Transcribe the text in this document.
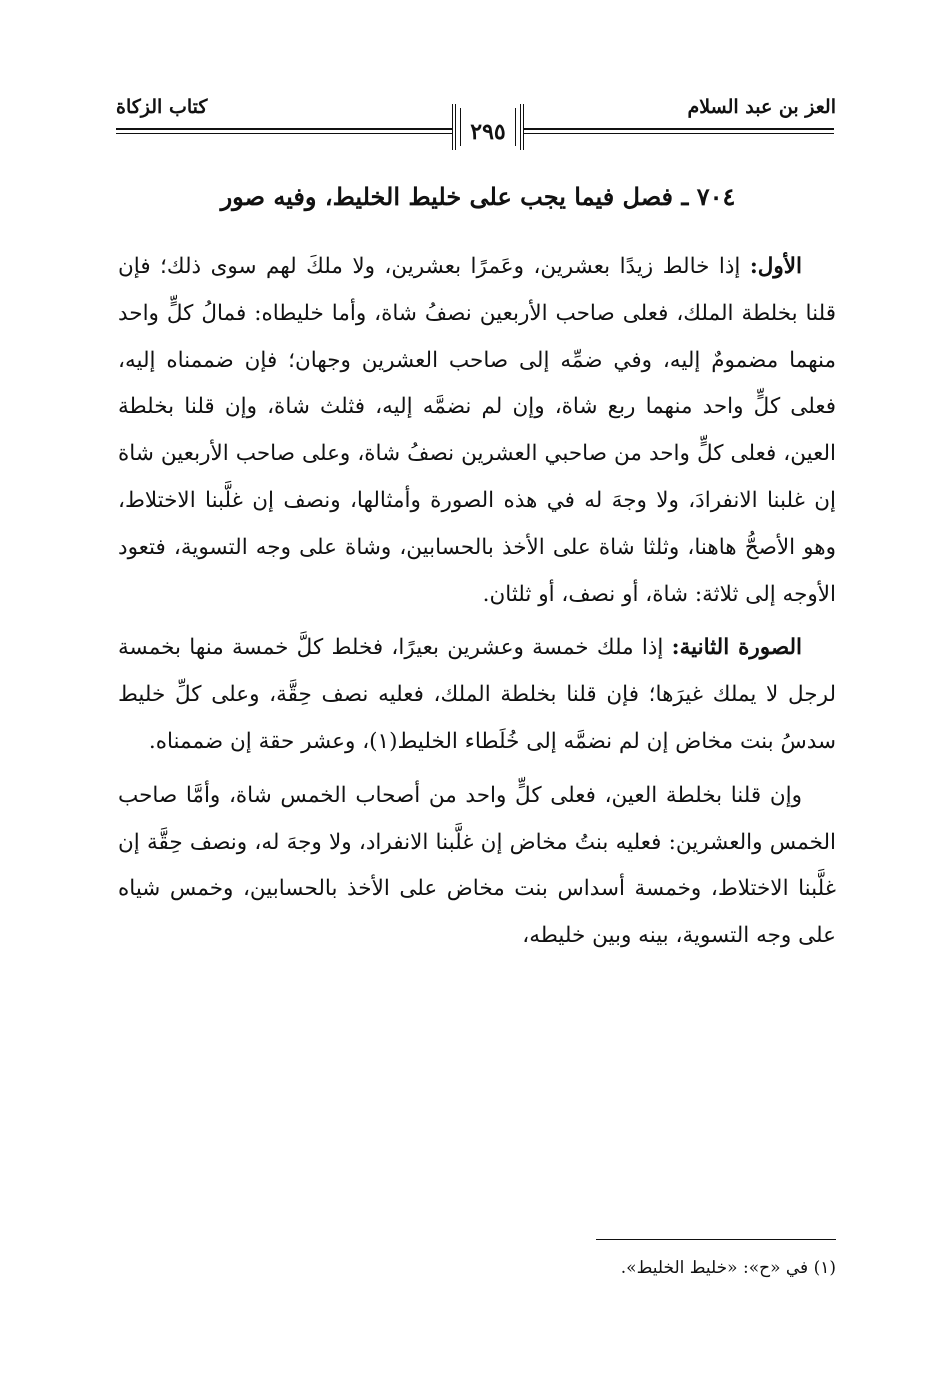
العز بن عبد السلام
كتاب الزكاة
٢٩٥
٧٠٤ ـ فصل فيما يجب على خليط الخليط، وفيه صور

الأول: إذا خالط زيدًا بعشرين، وعَمرًا بعشرين، ولا ملكَ لهم سوى ذلك؛ فإن قلنا بخلطة الملك، فعلى صاحب الأربعين نصفُ شاة، وأما خليطاه: فمالُ كلٍّ واحد منهما مضمومٌ إليه، وفي ضمِّه إلى صاحب العشرين وجهان؛ فإن ضممناه إليه، فعلى كلٍّ واحد منهما ربع شاة، وإن لم نضمَّه إليه، فثلث شاة، وإن قلنا بخلطة العين، فعلى كلٍّ واحد من صاحبي العشرين نصفُ شاة، وعلى صاحب الأربعين شاة إن غلبنا الانفرادَ، ولا وجهَ له في هذه الصورة وأمثالها، ونصف إن غلَّبنا الاختلاط، وهو الأصحُّ هاهنا، وثلثا شاة على الأخذ بالحسابين، وشاة على وجه التسوية، فتعود الأوجه إلى ثلاثة: شاة، أو نصف، أو ثلثان.

الصورة الثانية: إذا ملك خمسة وعشرين بعيرًا، فخلط كلَّ خمسة منها بخمسة لرجل لا يملك غيرَها؛ فإن قلنا بخلطة الملك، فعليه نصف حِقَّة، وعلى كلِّ خليط سدسُ بنت مخاض إن لم نضمَّه إلى خُلَطاء الخليط(١)، وعشر حقة إن ضممناه.

وإن قلنا بخلطة العين، فعلى كلٍّ واحد من أصحاب الخمس شاة، وأمَّا صاحب الخمس والعشرين: فعليه بنتُ مخاض إن غلَّبنا الانفراد، ولا وجهَ له، ونصف حِقَّة إن غلَّبنا الاختلاط، وخمسة أسداس بنت مخاض على الأخذ بالحسابين، وخمس شياه على وجه التسوية، بينه وبين خليطه،

(١) في «ح»: «خليط الخليط».
